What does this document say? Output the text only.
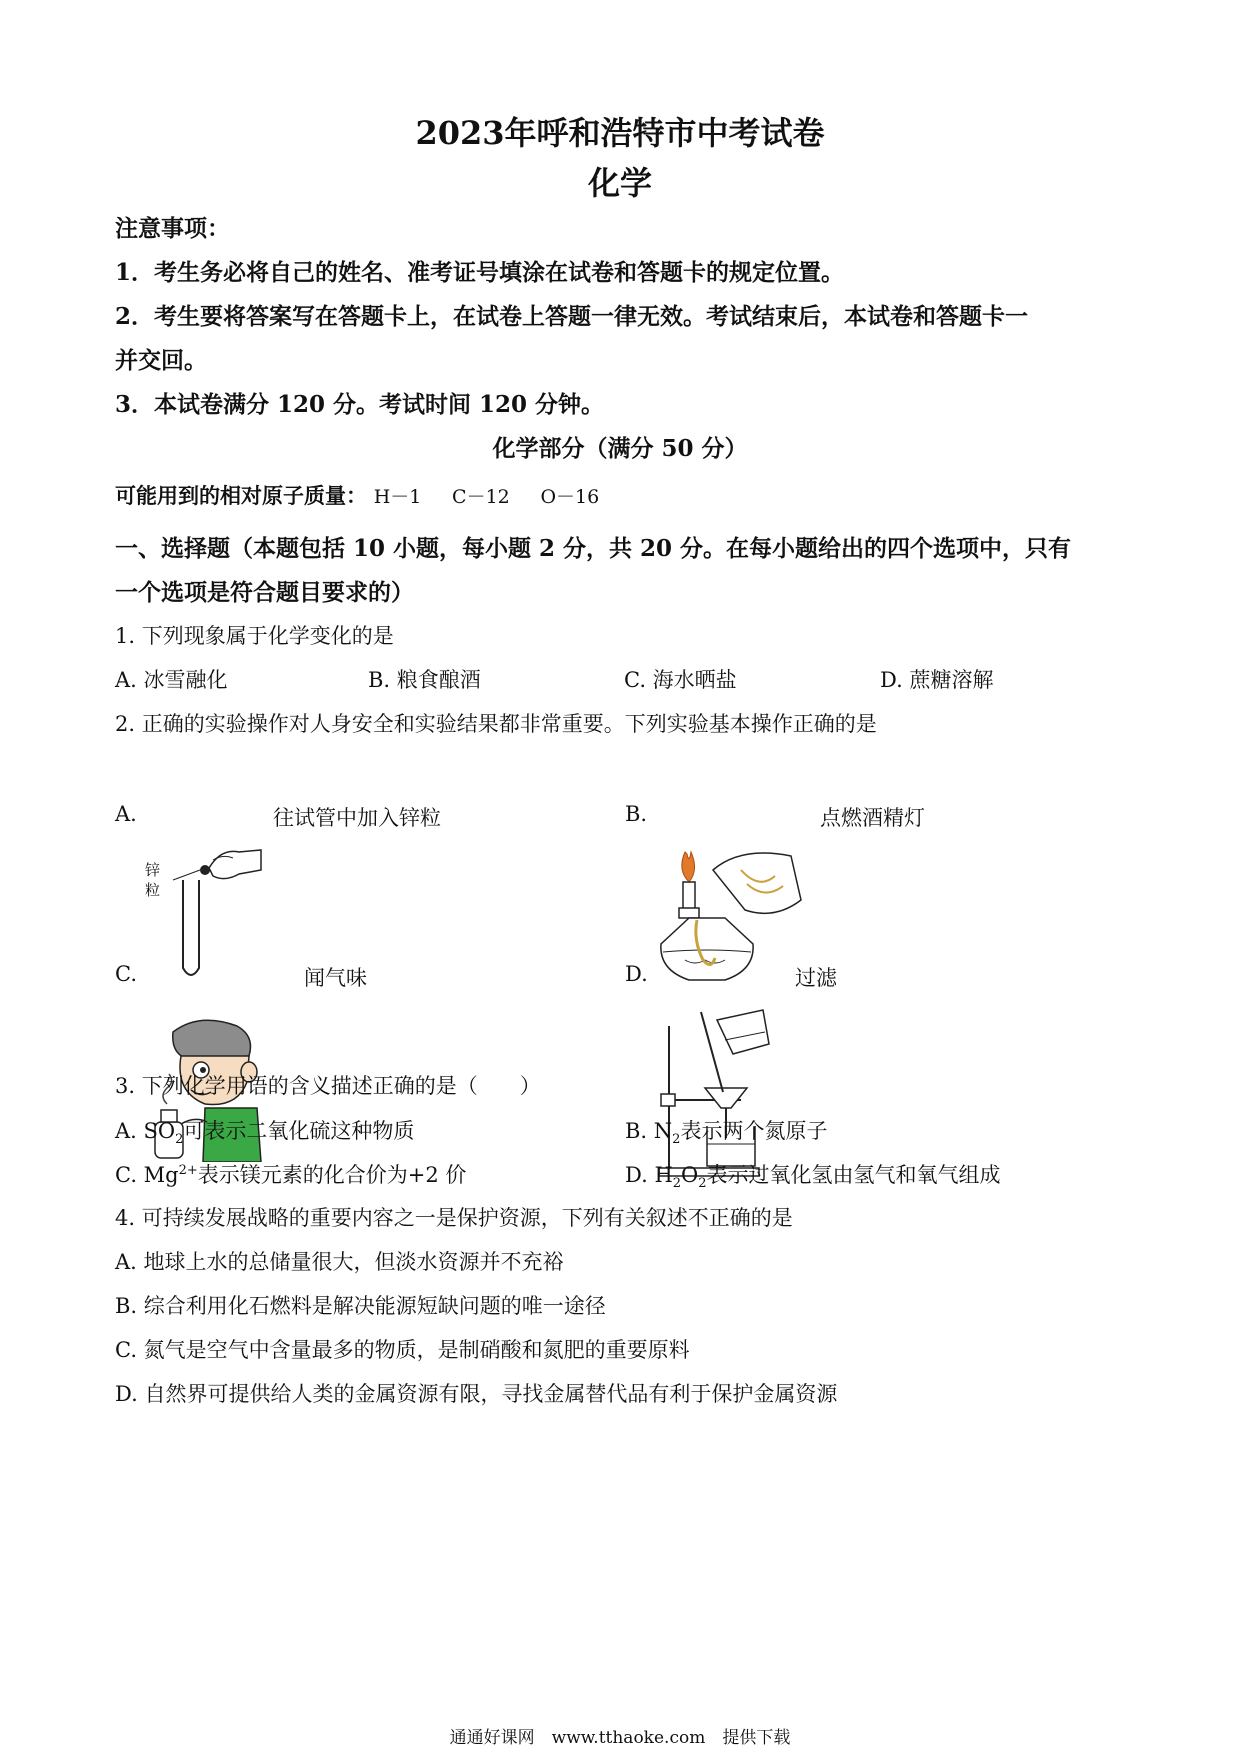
2023年呼和浩特市中考试卷
化学
注意事项：
1．考生务必将自己的姓名、准考证号填涂在试卷和答题卡的规定位置。
2．考生要将答案写在答题卡上，在试卷上答题一律无效。考试结束后，本试卷和答题卡一
并交回。
3．本试卷满分 120 分。考试时间 120 分钟。
化学部分（满分 50 分）
可能用到的相对原子质量： H－1 C－12 O－16
一、选择题（本题包括 10 小题，每小题 2 分，共 20 分。在每小题给出的四个选项中，只有
一个选项是符合题目要求的）
1. 下列现象属于化学变化的是
A. 冰雪融化	B. 粮食酿酒	C. 海水晒盐	D. 蔗糖溶解
2. 正确的实验操作对人身安全和实验结果都非常重要。下列实验基本操作正确的是
A.
锌粒
往试管中加入锌粒	B.	点燃酒精灯
C.	闻气味	D.	过滤
3. 下列化学用语的含义描述正确的是（　　）
A. $SO_2$可表示二氧化硫这种物质	B. $N_2$表示两个氮原子
C. $Mg^{2+}$表示镁元素的化合价为+2 价	D. $H_2O_2$表示过氧化氢由氢气和氧气组成
4. 可持续发展战略的重要内容之一是保护资源，下列有关叙述不正确的是
A. 地球上水的总储量很大，但淡水资源并不充裕
B. 综合利用化石燃料是解决能源短缺问题的唯一途径
C. 氮气是空气中含量最多的物质，是制硝酸和氮肥的重要原料
D. 自然界可提供给人类的金属资源有限，寻找金属替代品有利于保护金属资源
通通好课网　www.tthaoke.com　提供下载
